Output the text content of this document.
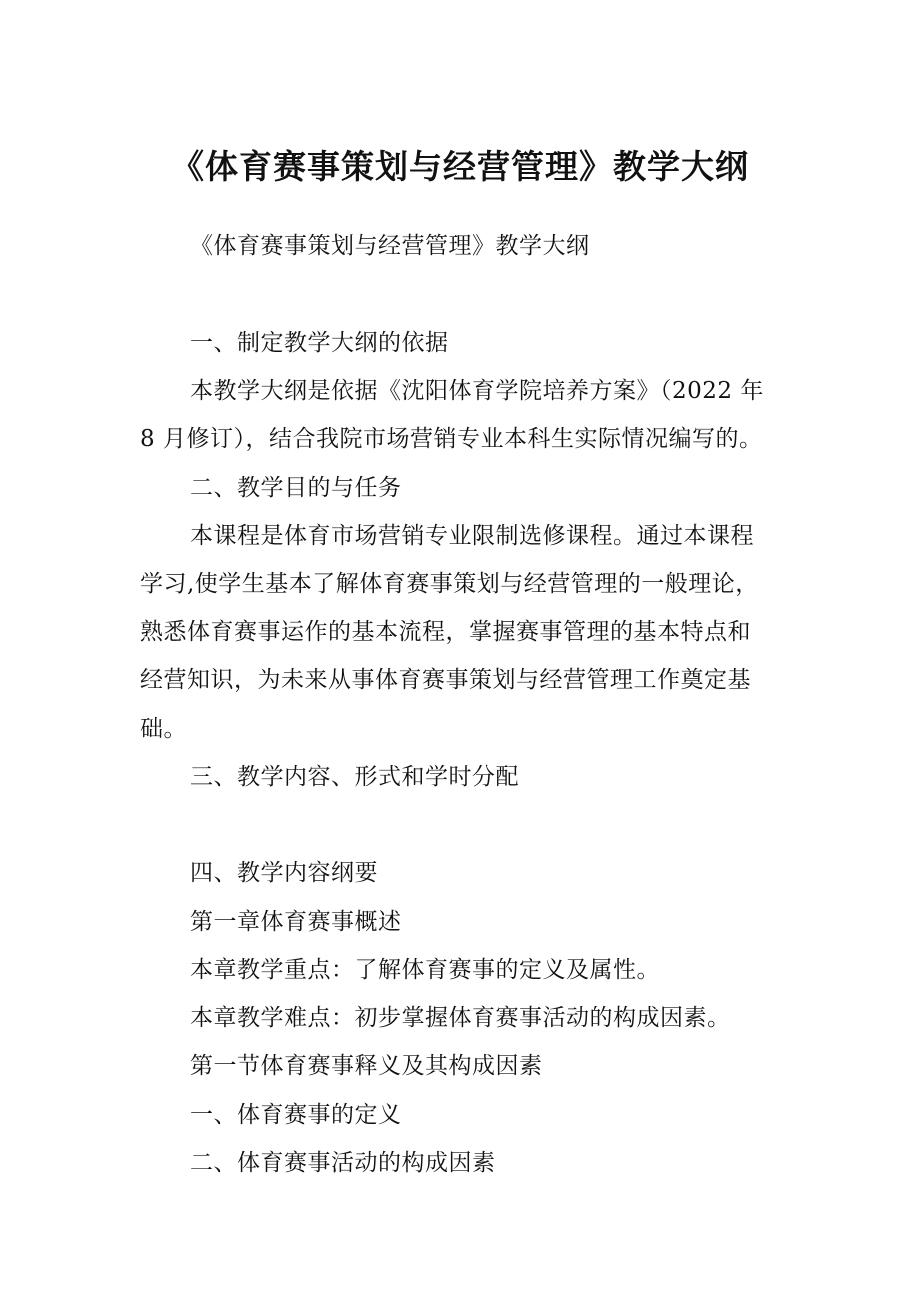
《体育赛事策划与经营管理》教学大纲
《体育赛事策划与经营管理》教学大纲
一、制定教学大纲的依据
本教学大纲是依据《沈阳体育学院培养方案》（2022 年
8 月修订），结合我院市场营销专业本科生实际情况编写的。
二、教学目的与任务
本课程是体育市场营销专业限制选修课程。通过本课程
学习,使学生基本了解体育赛事策划与经营管理的一般理论，
熟悉体育赛事运作的基本流程，掌握赛事管理的基本特点和
经营知识，为未来从事体育赛事策划与经营管理工作奠定基
础。
三、教学内容、形式和学时分配
四、教学内容纲要
第一章体育赛事概述
本章教学重点：了解体育赛事的定义及属性。
本章教学难点：初步掌握体育赛事活动的构成因素。
第一节体育赛事释义及其构成因素
一、体育赛事的定义
二、体育赛事活动的构成因素
